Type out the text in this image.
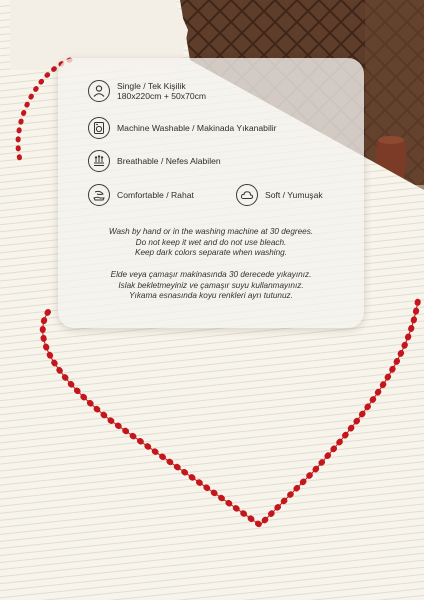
Single / Tek Kişilik
180x220cm + 50x70cm
Machine Washable / Makinada Yıkanabilir
Breathable / Nefes Alabilen
Comfortable / Rahat	Soft / Yumuşak
Wash by hand or in the washing machine at 30 degrees.
Do not keep it wet and do not use bleach.
Keep dark colors separate when washing.
Elde veya çamaşır makinasında 30 derecede yıkayınız.
Islak bekletmeyiniz ve çamaşır suyu kullanmayınız.
Yıkama esnasında koyu renkleri ayrı tutunuz.
